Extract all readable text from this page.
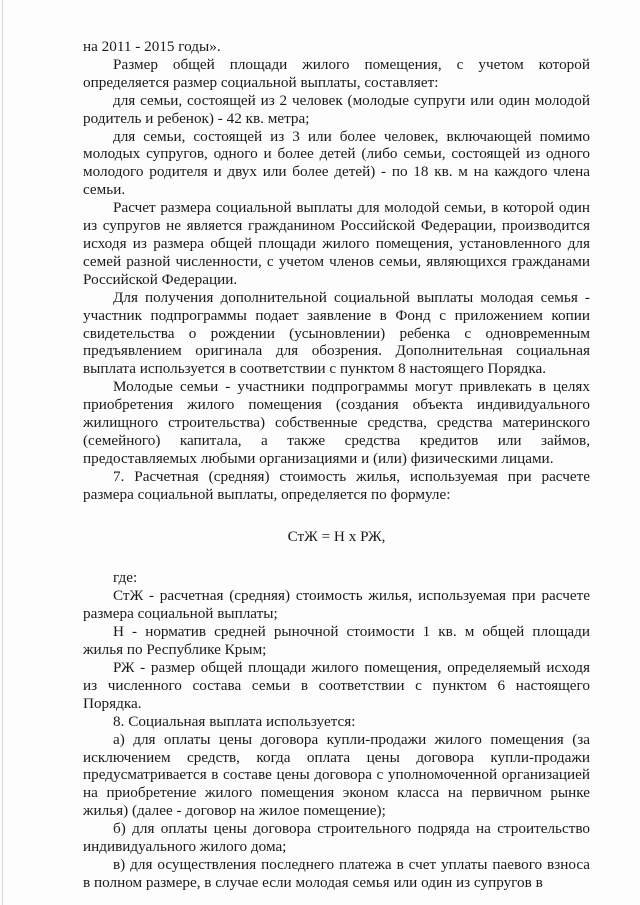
на 2011 - 2015 годы».

Размер общей площади жилого помещения, с учетом которой определяется размер социальной выплаты, составляет:

для семьи, состоящей из 2 человек (молодые супруги или один молодой родитель и ребенок) - 42 кв. метра;

для семьи, состоящей из 3 или более человек, включающей помимо молодых супругов, одного и более детей (либо семьи, состоящей из одного молодого родителя и двух или более детей) - по 18 кв. м на каждого члена семьи.

Расчет размера социальной выплаты для молодой семьи, в которой один из супругов не является гражданином Российской Федерации, производится исходя из размера общей площади жилого помещения, установленного для семей разной численности, с учетом членов семьи, являющихся гражданами Российской Федерации.

Для получения дополнительной социальной выплаты молодая семья - участник подпрограммы подает заявление в Фонд с приложением копии свидетельства о рождении (усыновлении) ребенка с одновременным предъявлением оригинала для обозрения. Дополнительная социальная выплата используется в соответствии с пунктом 8 настоящего Порядка.

Молодые семьи - участники подпрограммы могут привлекать в целях приобретения жилого помещения (создания объекта индивидуального жилищного строительства) собственные средства, средства материнского (семейного) капитала, а также средства кредитов или займов, предоставляемых любыми организациями и (или) физическими лицами.

7. Расчетная (средняя) стоимость жилья, используемая при расчете размера социальной выплаты, определяется по формуле:

СтЖ = Н х РЖ,

где:

СтЖ - расчетная (средняя) стоимость жилья, используемая при расчете размера социальной выплаты;

Н - норматив средней рыночной стоимости 1 кв. м общей площади жилья по Республике Крым;

РЖ - размер общей площади жилого помещения, определяемый исходя из численного состава семьи в соответствии с пунктом 6 настоящего Порядка.

8. Социальная выплата используется:

а) для оплаты цены договора купли-продажи жилого помещения (за исключением средств, когда оплата цены договора купли-продажи предусматривается в составе цены договора с уполномоченной организацией на приобретение жилого помещения эконом класса на первичном рынке жилья) (далее - договор на жилое помещение);

б) для оплаты цены договора строительного подряда на строительство индивидуального жилого дома;

в) для осуществления последнего платежа в счет уплаты паевого взноса в полном размере, в случае если молодая семья или один из супругов в
